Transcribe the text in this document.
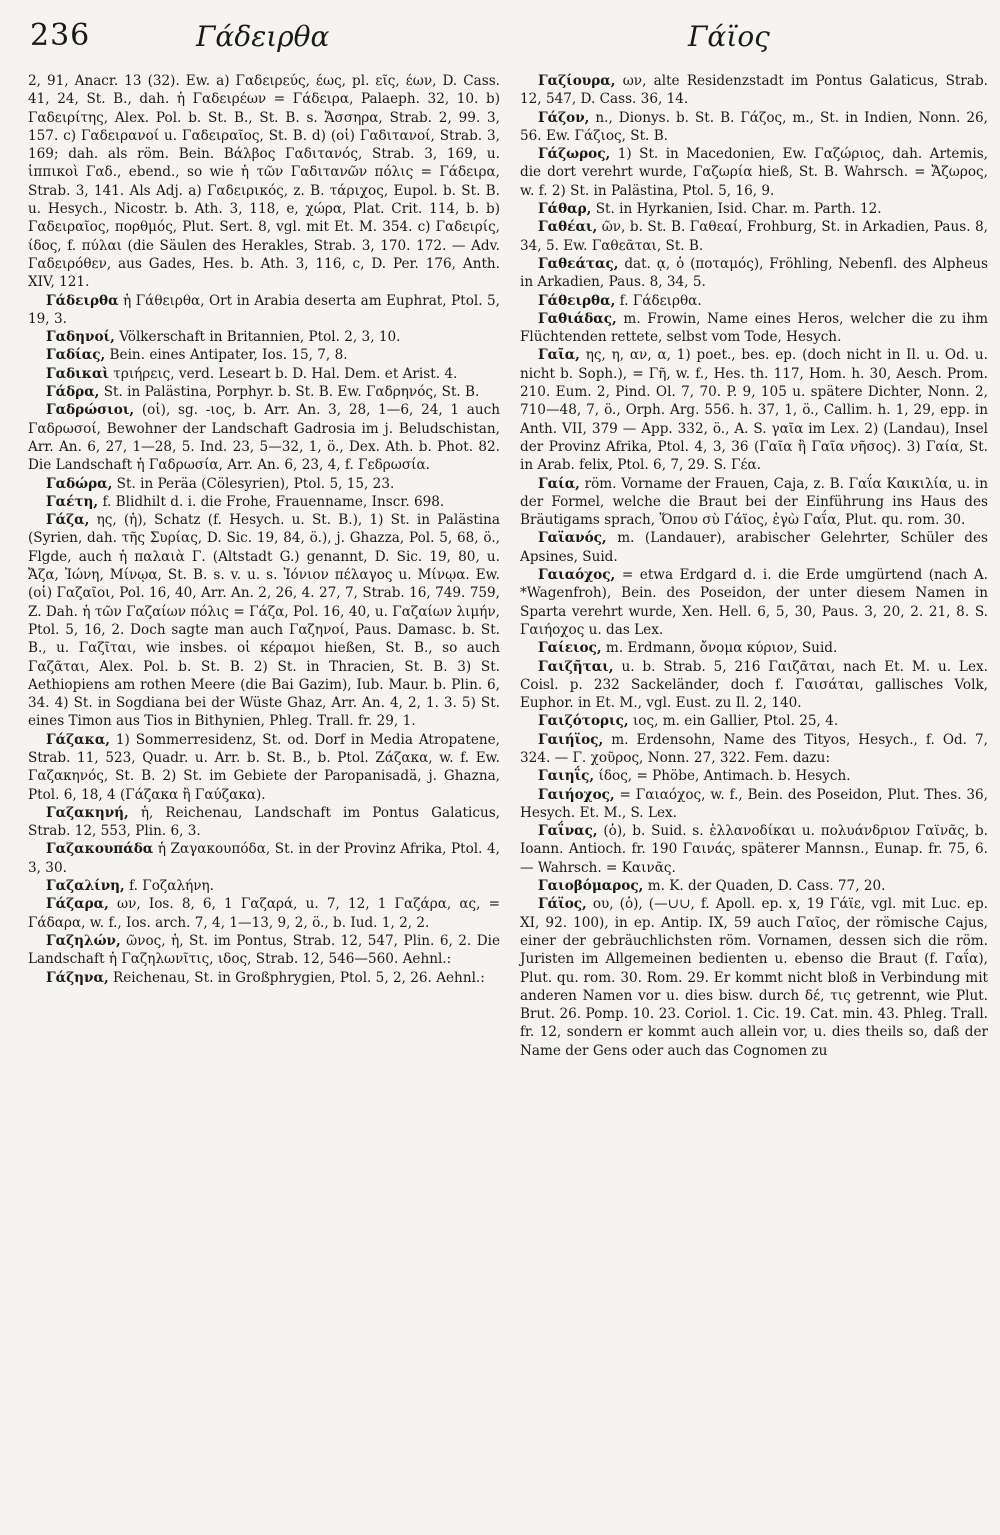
236	Γάδειρθα	Γάϊος

2, 91, Anacr. 13 (32). Ew. a) Γαδειρεύς, έως, pl. εῖς, έων, D. Cass. 41, 24, St. B., dah. ἡ Γαδειρέων = Γάδειρα, Palaeph. 32, 10. b) Γαδειρίτης, Alex. Pol. b. St. B., St. B. s. Ἄσσηρα, Strab. 2, 99. 3, 157. c) Γαδειρανοί u. Γαδειραῖος, St. B. d) (οἱ) Γαδιτανοί, Strab. 3, 169; dah. als röm. Bein. Βάλβος Γαδιτανός, Strab. 3, 169, u. ἱππικοὶ Γαδ., ebend., so wie ἡ τῶν Γαδιτανῶν πόλις = Γάδειρα, Strab. 3, 141. Als Adj. a) Γαδειρικός, z. B. τάριχος, Eupol. b. St. B. u. Hesych., Nicostr. b. Ath. 3, 118, e, χώρα, Plat. Crit. 114, b. b) Γαδειραῖος, πορθμός, Plut. Sert. 8, vgl. mit Et. M. 354. c) Γαδειρίς, ίδος, f. πύλαι (die Säulen des Herakles, Strab. 3, 170. 172. — Adv. Γαδειρόθεν, aus Gades, Hes. b. Ath. 3, 116, c, D. Per. 176, Anth. XIV, 121.

Γάδειρθα ἡ Γάθειρθα, Ort in Arabia deserta am Euphrat, Ptol. 5, 19, 3.

Γαδηνοί, Völkerschaft in Britannien, Ptol. 2, 3, 10.

Γαδίας, Bein. eines Antipater, Ios. 15, 7, 8.

Γαδικαὶ τριήρεις, verd. Leseart b. D. Hal. Dem. et Arist. 4.

Γάδρα, St. in Palästina, Porphyr. b. St. B. Ew. Γαδρηνός, St. B.

Γαδρώσιοι, (οἱ), sg. -ιος, b. Arr. An. 3, 28, 1—6, 24, 1 auch Γαδρωσοί, Bewohner der Landschaft Gadrosia im j. Beludschistan, Arr. An. 6, 27, 1—28, 5. Ind. 23, 5—32, 1, ö., Dex. Ath. b. Phot. 82. Die Landschaft ἡ Γαδρωσία, Arr. An. 6, 23, 4, f. Γεδρωσία.

Γαδώρα, St. in Peräa (Cölesyrien), Ptol. 5, 15, 23.

Γαέτη, f. Blidhilt d. i. die Frohe, Frauenname, Inscr. 698.

Γάζα, ης, (ἡ), Schatz (f. Hesych. u. St. B.), 1) St. in Palästina (Syrien, dah. τῆς Συρίας, D. Sic. 19, 84, ö.), j. Ghazza, Pol. 5, 68, ö., Flgde, auch ἡ παλαιὰ Γ. (Altstadt G.) genannt, D. Sic. 19, 80, u. Ἄζα, Ἰώνη, Μίνῳα, St. B. s. v. u. s. Ἰόνιον πέλαγος u. Μίνῳα. Ew. (οἱ) Γαζαῖοι, Pol. 16, 40, Arr. An. 2, 26, 4. 27, 7, Strab. 16, 749. 759, Z. Dah. ἡ τῶν Γαζαίων πόλις = Γάζα, Pol. 16, 40, u. Γαζαίων λιμήν, Ptol. 5, 16, 2. Doch sagte man auch Γαζηνοί, Paus. Damasc. b. St. B., u. Γαζῖται, wie insbes. οἱ κέραμοι hießen, St. B., so auch Γαζᾶται, Alex. Pol. b. St. B. 2) St. in Thracien, St. B. 3) St. Aethiopiens am rothen Meere (die Bai Gazim), Iub. Maur. b. Plin. 6, 34. 4) St. in Sogdiana bei der Wüste Ghaz, Arr. An. 4, 2, 1. 3. 5) St. eines Timon aus Tios in Bithynien, Phleg. Trall. fr. 29, 1.

Γάζακα, 1) Sommerresidenz, St. od. Dorf in Media Atropatene, Strab. 11, 523, Quadr. u. Arr. b. St. B., b. Ptol. Ζάζακα, w. f. Ew. Γαζακηνός, St. B. 2) St. im Gebiete der Paropanisadä, j. Ghazna, Ptol. 6, 18, 4 (Γάζακα ἢ Γαύζακα).

Γαζακηνή, ἡ, Reichenau, Landschaft im Pontus Galaticus, Strab. 12, 553, Plin. 6, 3.

Γαζακουπάδα ἡ Ζαγακουπόδα, St. in der Provinz Afrika, Ptol. 4, 3, 30.

Γαζαλίνη, f. Γοζαλήνη.

Γάζαρα, ων, Ios. 8, 6, 1 Γαζαρά, u. 7, 12, 1 Γαζάρα, ας, = Γάδαρα, w. f., Ios. arch. 7, 4, 1—13, 9, 2, ö., b. Iud. 1, 2, 2.

Γαζηλών, ῶνος, ἡ, St. im Pontus, Strab. 12, 547, Plin. 6, 2. Die Landschaft ἡ Γαζηλωνῖτις, ιδος, Strab. 12, 546—560. Aehnl.:

Γάζηνα, Reichenau, St. in Großphrygien, Ptol. 5, 2, 26. Aehnl.:

Γαζίουρα, ων, alte Residenzstadt im Pontus Galaticus, Strab. 12, 547, D. Cass. 36, 14.

Γάζον, n., Dionys. b. St. B. Γάζος, m., St. in Indien, Nonn. 26, 56. Ew. Γάζιος, St. B.

Γάζωρος, 1) St. in Macedonien, Ew. Γαζώριος, dah. Artemis, die dort verehrt wurde, Γαζωρία hieß, St. B. Wahrsch. = Ἄζωρος, w. f. 2) St. in Palästina, Ptol. 5, 16, 9.

Γάθαρ, St. in Hyrkanien, Isid. Char. m. Parth. 12.

Γαθέαι, ῶν, b. St. B. Γαθεαί, Frohburg, St. in Arkadien, Paus. 8, 34, 5. Ew. Γαθεᾶται, St. B.

Γαθεάτας, dat. ᾳ, ὁ (ποταμός), Fröhling, Nebenfl. des Alpheus in Arkadien, Paus. 8, 34, 5.

Γάθειρθα, f. Γάδειρθα.

Γαθιάδας, m. Frowin, Name eines Heros, welcher die zu ihm Flüchtenden rettete, selbst vom Tode, Hesych.

Γαῖα, ης, η, αν, α, 1) poet., bes. ep. (doch nicht in Il. u. Od. u. nicht b. Soph.), = Γῆ, w. f., Hes. th. 117, Hom. h. 30, Aesch. Prom. 210. Eum. 2, Pind. Ol. 7, 70. P. 9, 105 u. spätere Dichter, Nonn. 2, 710—48, 7, ö., Orph. Arg. 556. h. 37, 1, ö., Callim. h. 1, 29, epp. in Anth. VII, 379 — App. 332, ö., A. S. γαῖα im Lex. 2) (Landau), Insel der Provinz Afrika, Ptol. 4, 3, 36 (Γαῖα ἢ Γαῖα νῆσος). 3) Γαία, St. in Arab. felix, Ptol. 6, 7, 29. S. Γέα.

Γαία, röm. Vorname der Frauen, Caja, z. B. Γαΐα Καικιλία, u. in der Formel, welche die Braut bei der Einführung ins Haus des Bräutigams sprach, Ὅπου σὺ Γάϊος, ἐγὼ Γαΐα, Plut. qu. rom. 30.

Γαϊανός, m. (Landauer), arabischer Gelehrter, Schüler des Apsines, Suid.

Γαιαόχος, = etwa Erdgard d. i. die Erde umgürtend (nach A. *Wagenfroh), Bein. des Poseidon, der unter diesem Namen in Sparta verehrt wurde, Xen. Hell. 6, 5, 30, Paus. 3, 20, 2. 21, 8. S. Γαιήοχος u. das Lex.

Γαίειος, m. Erdmann, ὄνομα κύριον, Suid.

Γαιζῆται, u. b. Strab. 5, 216 Γαιζᾶται, nach Et. M. u. Lex. Coisl. p. 232 Sackeländer, doch f. Γαισάται, gallisches Volk, Euphor. in Et. M., vgl. Eust. zu Il. 2, 140.

Γαιζότορις, ιος, m. ein Gallier, Ptol. 25, 4.

Γαιήϊος, m. Erdensohn, Name des Tityos, Hesych., f. Od. 7, 324. — Γ. χοῦρος, Nonn. 27, 322. Fem. dazu:

Γαιηΐς, ίδος, = Phöbe, Antimach. b. Hesych.

Γαιήοχος, = Γαιαόχος, w. f., Bein. des Poseidon, Plut. Thes. 36, Hesych. Et. M., S. Lex.

Γαΐνας, (ὁ), b. Suid. s. ἑλλανοδίκαι u. πολυάνδριον Γαϊνᾶς, b. Ioann. Antioch. fr. 190 Γαινάς, späterer Mannsn., Eunap. fr. 75, 6. — Wahrsch. = Καινᾶς.

Γαιοβόμαρος, m. K. der Quaden, D. Cass. 77, 20.

Γάϊος, ου, (ὁ), (—∪∪, f. Apoll. ep. x, 19 Γάϊε, vgl. mit Luc. ep. XI, 92. 100), in ep. Antip. IX, 59 auch Γαῖος, der römische Cajus, einer der gebräuchlichsten röm. Vornamen, dessen sich die röm. Juristen im Allgemeinen bedienten u. ebenso die Braut (f. Γαΐα), Plut. qu. rom. 30. Rom. 29. Er kommt nicht bloß in Verbindung mit anderen Namen vor u. dies bisw. durch δέ, τις getrennt, wie Plut. Brut. 26. Pomp. 10. 23. Coriol. 1. Cic. 19. Cat. min. 43. Phleg. Trall. fr. 12, sondern er kommt auch allein vor, u. dies theils so, daß der Name der Gens oder auch das Cognomen zu
